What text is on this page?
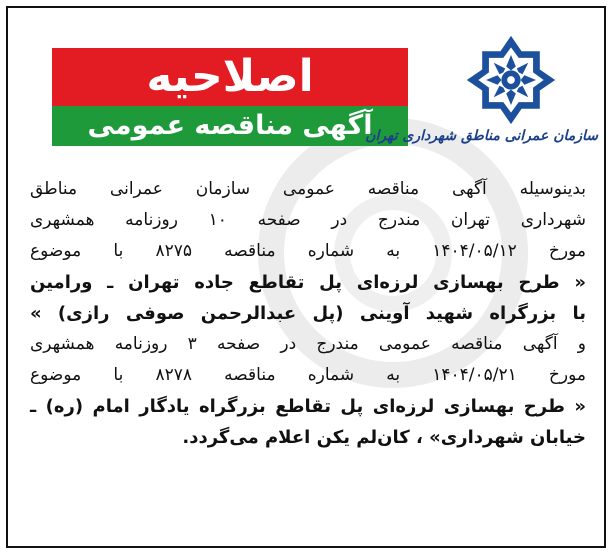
اصلاحیه
آگهی مناقصه عمومی
سازمان عمرانی مناطق شهرداری تهران
بدینوسیله آگهی مناقصه عمومی سازمان عمرانی مناطق
شهرداری تهران مندرج در صفحه ۱۰ روزنامه همشهری
مورخ ۱۴۰۴/۰۵/۱۲ به شماره مناقصه ۸۲۷۵ با موضوع
« طرح بهسازی لرزه‌ای پل تقاطع جاده تهران ـ ورامین
با بزرگراه شهید آوینی (پل عبدالرحمن صوفی رازی) »
و آگهی مناقصه عمومی مندرج در صفحه ۳ روزنامه همشهری
مورخ ۱۴۰۴/۰۵/۲۱ به شماره مناقصه ۸۲۷۸ با موضوع
« طرح بهسازی لرزه‌ای پل تقاطع بزرگراه یادگار امام (ره) ـ
خیابان شهرداری» ، کان‌لم یکن اعلام می‌گردد.
